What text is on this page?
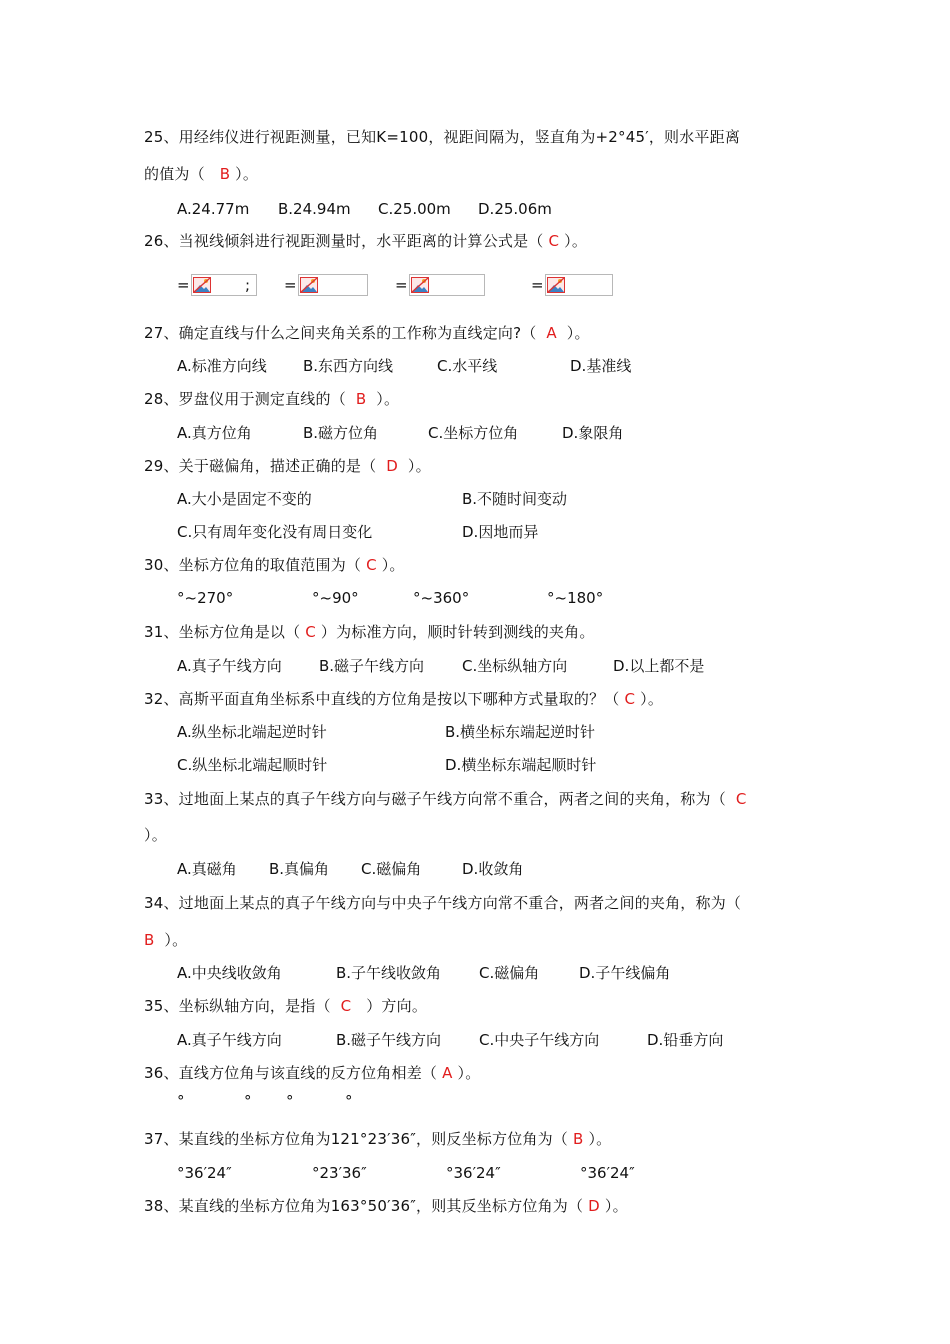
25、用经纬仪进行视距测量，已知K=100，视距间隔为，竖直角为+2°45′，则水平距离
的值为（   B ）。
A.24.77m B.24.94m C.25.00m D.25.06m
26、当视线倾斜进行视距测量时，水平距离的计算公式是（ C ）。
=	; =	=	=
27、确定直线与什么之间夹角关系的工作称为直线定向?（  A  ）。
A.标准方向线 B.东西方向线	C.水平线	D.基准线
28、罗盘仪用于测定直线的（  B  ）。
A.真方位角	B.磁方位角	C.坐标方位角	D.象限角
29、关于磁偏角，描述正确的是（  D  ）。
A.大小是固定不变的	B.不随时间变动
C.只有周年变化没有周日变化	D.因地而异
30、坐标方位角的取值范围为（ C ）。
°~270°	°~90°	°~360°	°~180°
31、坐标方位角是以（ C ）为标准方向，顺时针转到测线的夹角。
A.真子午线方向 B.磁子午线方向	C.坐标纵轴方向	D.以上都不是
32、高斯平面直角坐标系中直线的方位角是按以下哪种方式量取的？（ C ）。
A.纵坐标北端起逆时针	B.横坐标东端起逆时针
C.纵坐标北端起顺时针	D.横坐标东端起顺时针
33、过地面上某点的真子午线方向与磁子午线方向常不重合，两者之间的夹角，称为（  C
）。
A.真磁角 B.真偏角 C.磁偏角	D.收敛角
34、过地面上某点的真子午线方向与中央子午线方向常不重合，两者之间的夹角，称为（
B  ）。
A.中央线收敛角	B.子午线收敛角	C.磁偏角	D.子午线偏角
35、坐标纵轴方向，是指（  C   ）方向。
A.真子午线方向	B.磁子午线方向	C.中央子午线方向	D.铅垂方向
36、直线方位角与该直线的反方位角相差（ A ）。
°	° °	°
37、某直线的坐标方位角为121°23′36″，则反坐标方位角为（ B ）。
°36′24″	°23′36″	°36′24″	°36′24″
38、某直线的坐标方位角为163°50′36″，则其反坐标方位角为（ D ）。
